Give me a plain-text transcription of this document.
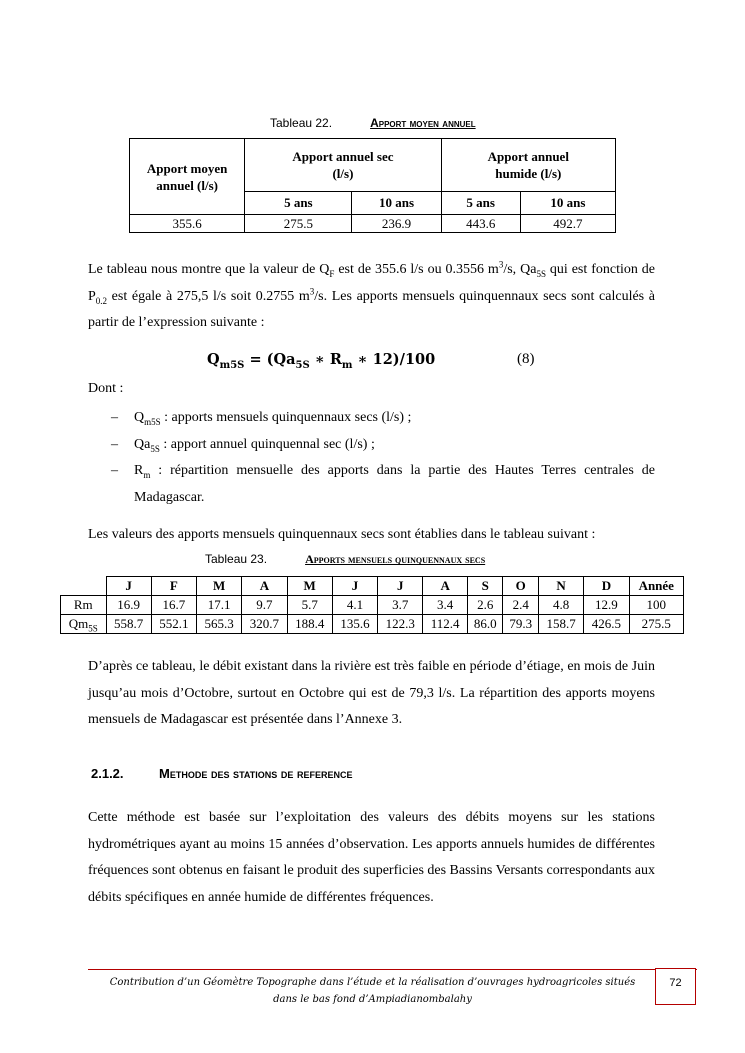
Tableau 22.	Apport moyen annuel
Apport moyen annuel (l/s)	Apport annuel sec (l/s)		Apport annuel humide (l/s)	
	5 ans	10 ans	5 ans	10 ans
355.6	275.5	236.9	443.6	492.7

Le tableau nous montre que la valeur de $Q_F$ est de 355.6 l/s ou 0.3556 $m^3/s$, $Qa_{5S}$ qui est fonction de $P_{0.2}$ est égale à 275,5 l/s soit 0.2755 $m^3/s$. Les apports mensuels quinquennaux secs sont calculés à partir de l’expression suivante :

$Q_{m5S} = (Qa_{5S}$ ∗ $R_m$ ∗ 12)/100	(8)
Dont :
– $Q_{m5S}$ : apports mensuels quinquennaux secs (l/s) ;
– $Qa_{5S}$ : apport annuel quinquennal sec (l/s) ;
– $R_m$ : répartition mensuelle des apports dans la partie des Hautes Terres centrales de Madagascar.

Les valeurs des apports mensuels quinquennaux secs sont établies dans le tableau suivant :

Tableau 23.	Apports mensuels quinquennaux secs
	J	F	M	A	M	J	J	A	S	O	N	D	Année
Rm	16.9	16.7	17.1	9.7	5.7	4.1	3.7	3.4	2.6	2.4	4.8	12.9	100
$Qm_{5S}$	558.7	552.1	565.3	320.7	188.4	135.6	122.3	112.4	86.0	79.3	158.7	426.5	275.5

D’après ce tableau, le débit existant dans la rivière est très faible en période d’étiage, en mois de Juin jusqu’au mois d’Octobre, surtout en Octobre qui est de 79,3 l/s. La répartition des apports moyens mensuels de Madagascar est présentée dans l’Annexe 3.

2.1.2.	Methode des stations de reference

Cette méthode est basée sur l’exploitation des valeurs des débits moyens sur les stations hydrométriques ayant au moins 15 années d’observation. Les apports annuels humides de différentes fréquences sont obtenus en faisant le produit des superficies des Bassins Versants correspondants aux débits spécifiques en année humide de différentes fréquences.

Contribution d’un Géomètre Topographe dans l’étude et la réalisation d’ouvrages hydroagricoles situés dans le bas fond d’Ampiadianombalahy
72
